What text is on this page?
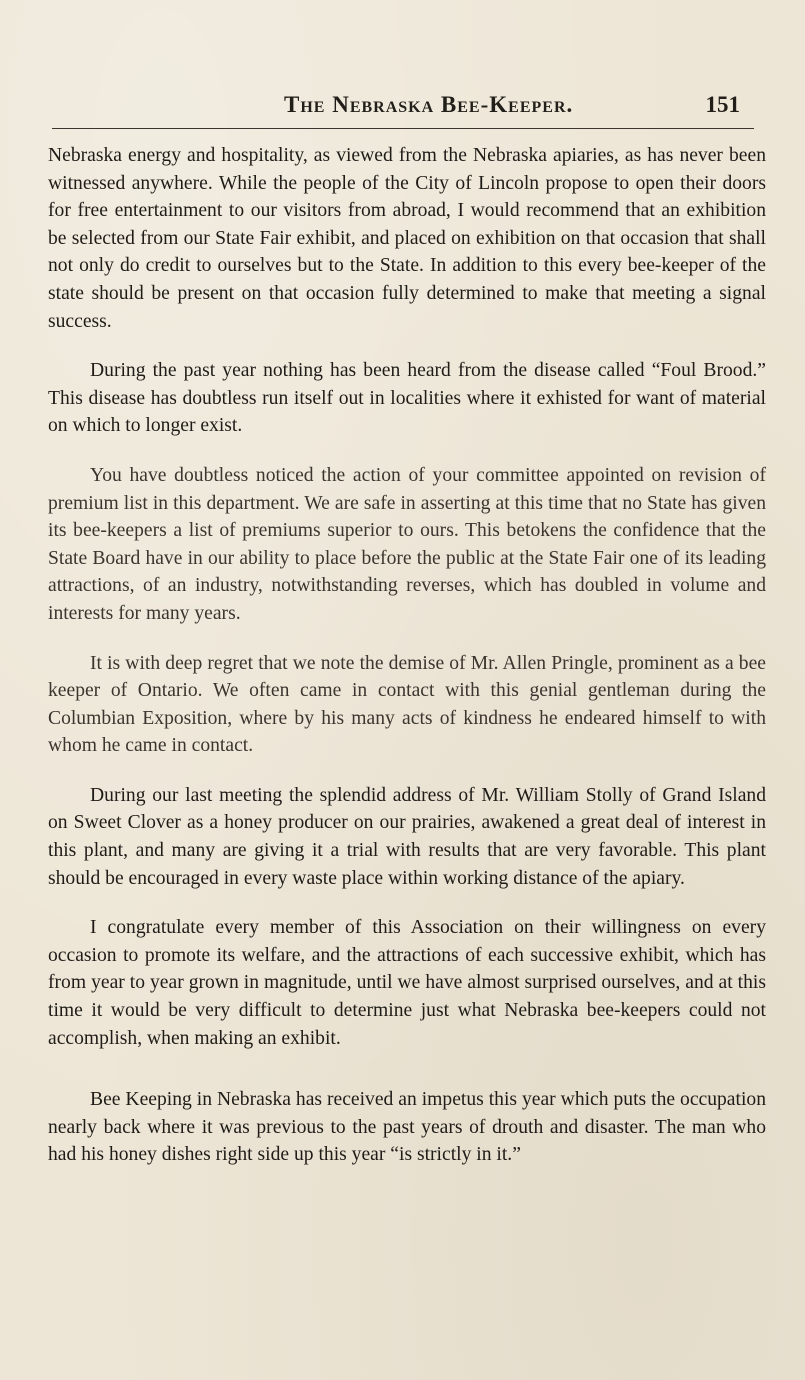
The Nebraska Bee-Keeper.	151

Nebraska energy and hospitality, as viewed from the Nebraska apiaries, as has never been witnessed anywhere. While the people of the City of Lincoln propose to open their doors for free entertainment to our visitors from abroad, I would recommend that an exhibition be selected from our State Fair exhibit, and placed on exhibition on that occasion that shall not only do credit to ourselves but to the State. In addition to this every bee-keeper of the state should be present on that occasion fully determined to make that meeting a signal success.

During the past year nothing has been heard from the disease called “Foul Brood.” This disease has doubtless run itself out in localities where it exhisted for want of material on which to longer exist.

You have doubtless noticed the action of your committee appointed on revision of premium list in this department. We are safe in asserting at this time that no State has given its bee-keepers a list of premiums superior to ours. This betokens the confidence that the State Board have in our ability to place before the public at the State Fair one of its leading attractions, of an industry, notwithstanding reverses, which has doubled in volume and interests for many years.

It is with deep regret that we note the demise of Mr. Allen Pringle, prominent as a bee keeper of Ontario. We often came in contact with this genial gentleman during the Columbian Exposition, where by his many acts of kindness he endeared himself to with whom he came in contact.

During our last meeting the splendid address of Mr. William Stolly of Grand Island on Sweet Clover as a honey producer on our prairies, awakened a great deal of interest in this plant, and many are giving it a trial with results that are very favorable. This plant should be encouraged in every waste place within working distance of the apiary.

I congratulate every member of this Association on their willingness on every occasion to promote its welfare, and the attractions of each successive exhibit, which has from year to year grown in magnitude, until we have almost surprised ourselves, and at this time it would be very difficult to determine just what Nebraska bee-keepers could not accomplish, when making an exhibit.

Bee Keeping in Nebraska has received an impetus this year which puts the occupation nearly back where it was previous to the past years of drouth and disaster. The man who had his honey dishes right side up this year “is strictly in it.”
